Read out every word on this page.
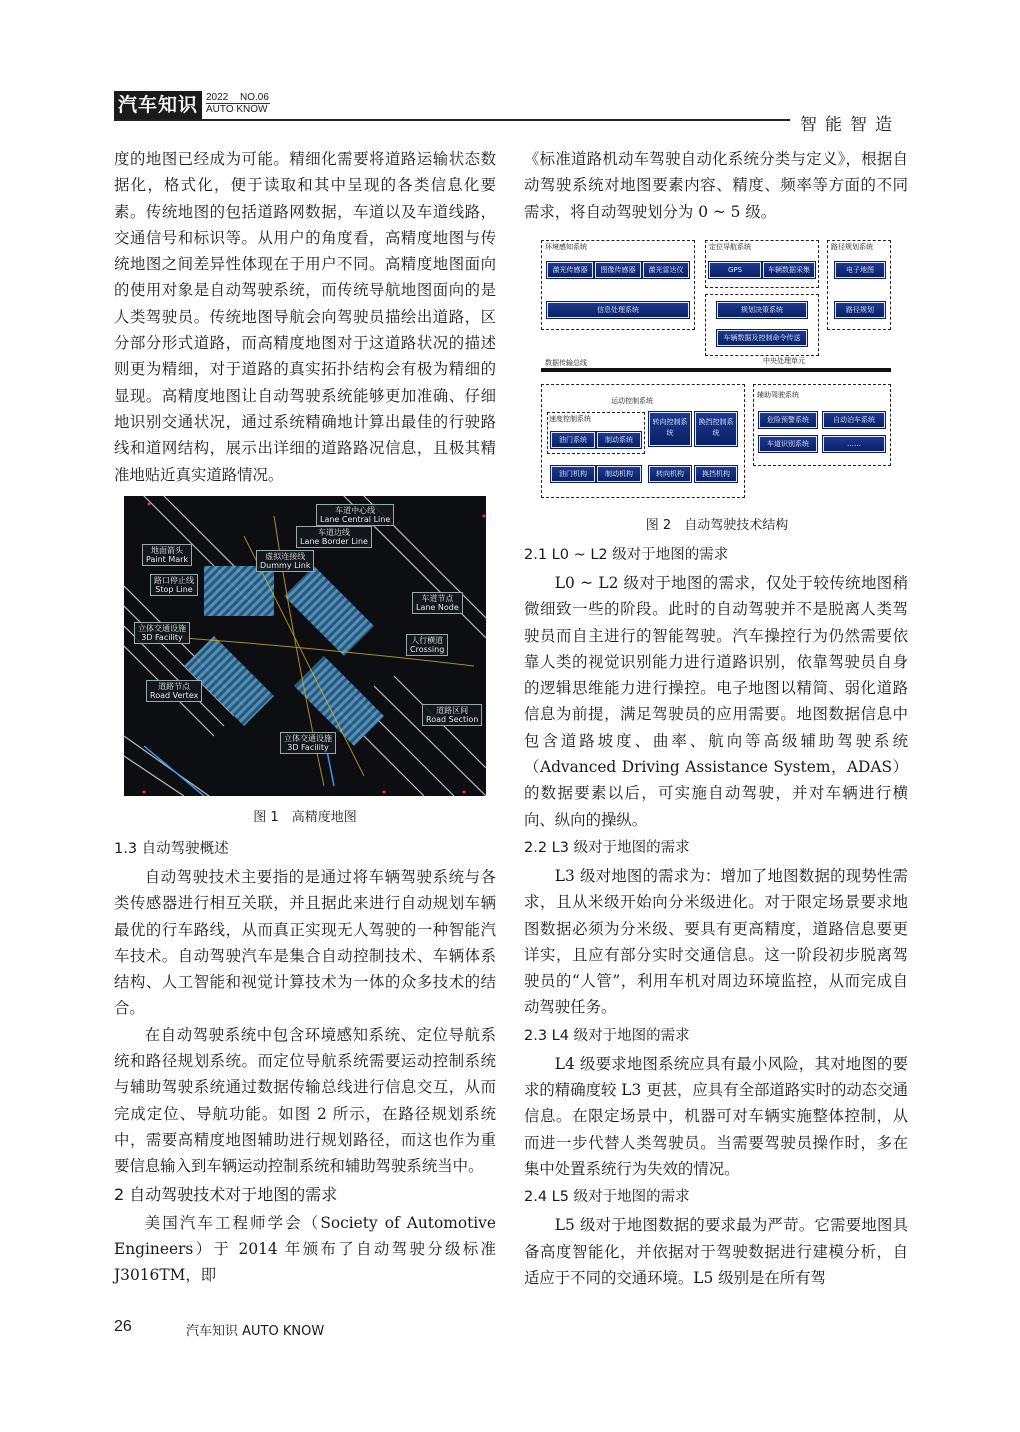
汽车知识 2022 NO.06
AUTO KNOW
智能智造

度的地图已经成为可能。精细化需要将道路运输状态数据化，格式化，便于读取和其中呈现的各类信息化要素。传统地图的包括道路网数据，车道以及车道线路，交通信号和标识等。从用户的角度看，高精度地图与传统地图之间差异性体现在于用户不同。高精度地图面向的使用对象是自动驾驶系统，而传统导航地图面向的是人类驾驶员。传统地图导航会向驾驶员描绘出道路，区分部分形式道路，而高精度地图对于这道路状况的描述则更为精细，对于道路的真实拓扑结构会有极为精细的显现。高精度地图让自动驾驶系统能够更加准确、仔细地识别交通状况，通过系统精确地计算出最佳的行驶路线和道网结构，展示出详细的道路路况信息，且极其精准地贴近真实道路情况。

车道中心线
Lane Central Line
车道边线
Lane Border Line
虚拟连接线
Dummy Link
地面箭头
Paint Mark
路口停止线
Stop Line
立体交通设施
3D Facility
车道节点
Lane Node
人行横道
Crossing
道路节点
Road Vertex
道路区间
Road Section
立体交通设施
3D Facility
图 1　高精度地图

1.3 自动驾驶概述

自动驾驶技术主要指的是通过将车辆驾驶系统与各类传感器进行相互关联，并且据此来进行自动规划车辆最优的行车路线，从而真正实现无人驾驶的一种智能汽车技术。自动驾驶汽车是集合自动控制技术、车辆体系结构、人工智能和视觉计算技术为一体的众多技术的结合。

在自动驾驶系统中包含环境感知系统、定位导航系统和路径规划系统。而定位导航系统需要运动控制系统与辅助驾驶系统通过数据传输总线进行信息交互，从而完成定位、导航功能。如图 2 所示，在路径规划系统中，需要高精度地图辅助进行规划路径，而这也作为重要信息输入到车辆运动控制系统和辅助驾驶系统当中。

2 自动驾驶技术对于地图的需求

美国汽车工程师学会（Society of Automotive Engineers）于 2014 年颁布了自动驾驶分级标准 J3016TM，即

《标准道路机动车驾驶自动化系统分类与定义》，根据自动驾驶系统对地图要素内容、精度、频率等方面的不同需求，将自动驾驶划分为 0 ~ 5 级。

环境感知系统
激光传感器	图像传感器	激光雷达仪
信息处理系统
定位导航系统
GPS	车辆数据采集
规划决策系统
车辆数据及控制命令传送
中央处理单元
路径规划系统
电子地图
路径规划
数据传输总线
运动控制系统
速度控制系统
油门系统	制动系统
转向控制系统
换挡控制系统
油门机构	制动机构	转向机构	换挡机构
辅助驾驶系统
危险预警系统	自动泊车系统
车道识别系统	……
图 2　自动驾驶技术结构

2.1 L0 ~ L2 级对于地图的需求

L0 ~ L2 级对于地图的需求，仅处于较传统地图稍微细致一些的阶段。此时的自动驾驶并不是脱离人类驾驶员而自主进行的智能驾驶。汽车操控行为仍然需要依靠人类的视觉识别能力进行道路识别，依靠驾驶员自身的逻辑思维能力进行操控。电子地图以精简、弱化道路信息为前提，满足驾驶员的应用需要。地图数据信息中包含道路坡度、曲率、航向等高级辅助驾驶系统（Advanced Driving Assistance System，ADAS）的数据要素以后，可实施自动驾驶，并对车辆进行横向、纵向的操纵。

2.2 L3 级对于地图的需求

L3 级对地图的需求为：增加了地图数据的现势性需求，且从米级开始向分米级进化。对于限定场景要求地图数据必须为分米级、要具有更高精度，道路信息要更详实，且应有部分实时交通信息。这一阶段初步脱离驾驶员的“人管”，利用车机对周边环境监控，从而完成自动驾驶任务。

2.3 L4 级对于地图的需求

L4 级要求地图系统应具有最小风险，其对地图的要求的精确度较 L3 更甚，应具有全部道路实时的动态交通信息。在限定场景中，机器可对车辆实施整体控制，从而进一步代替人类驾驶员。当需要驾驶员操作时，多在集中处置系统行为失效的情况。

2.4 L5 级对于地图的需求

L5 级对于地图数据的要求最为严苛。它需要地图具备高度智能化，并依据对于驾驶数据进行建模分析，自适应于不同的交通环境。L5 级别是在所有驾

26	汽车知识 AUTO KNOW
